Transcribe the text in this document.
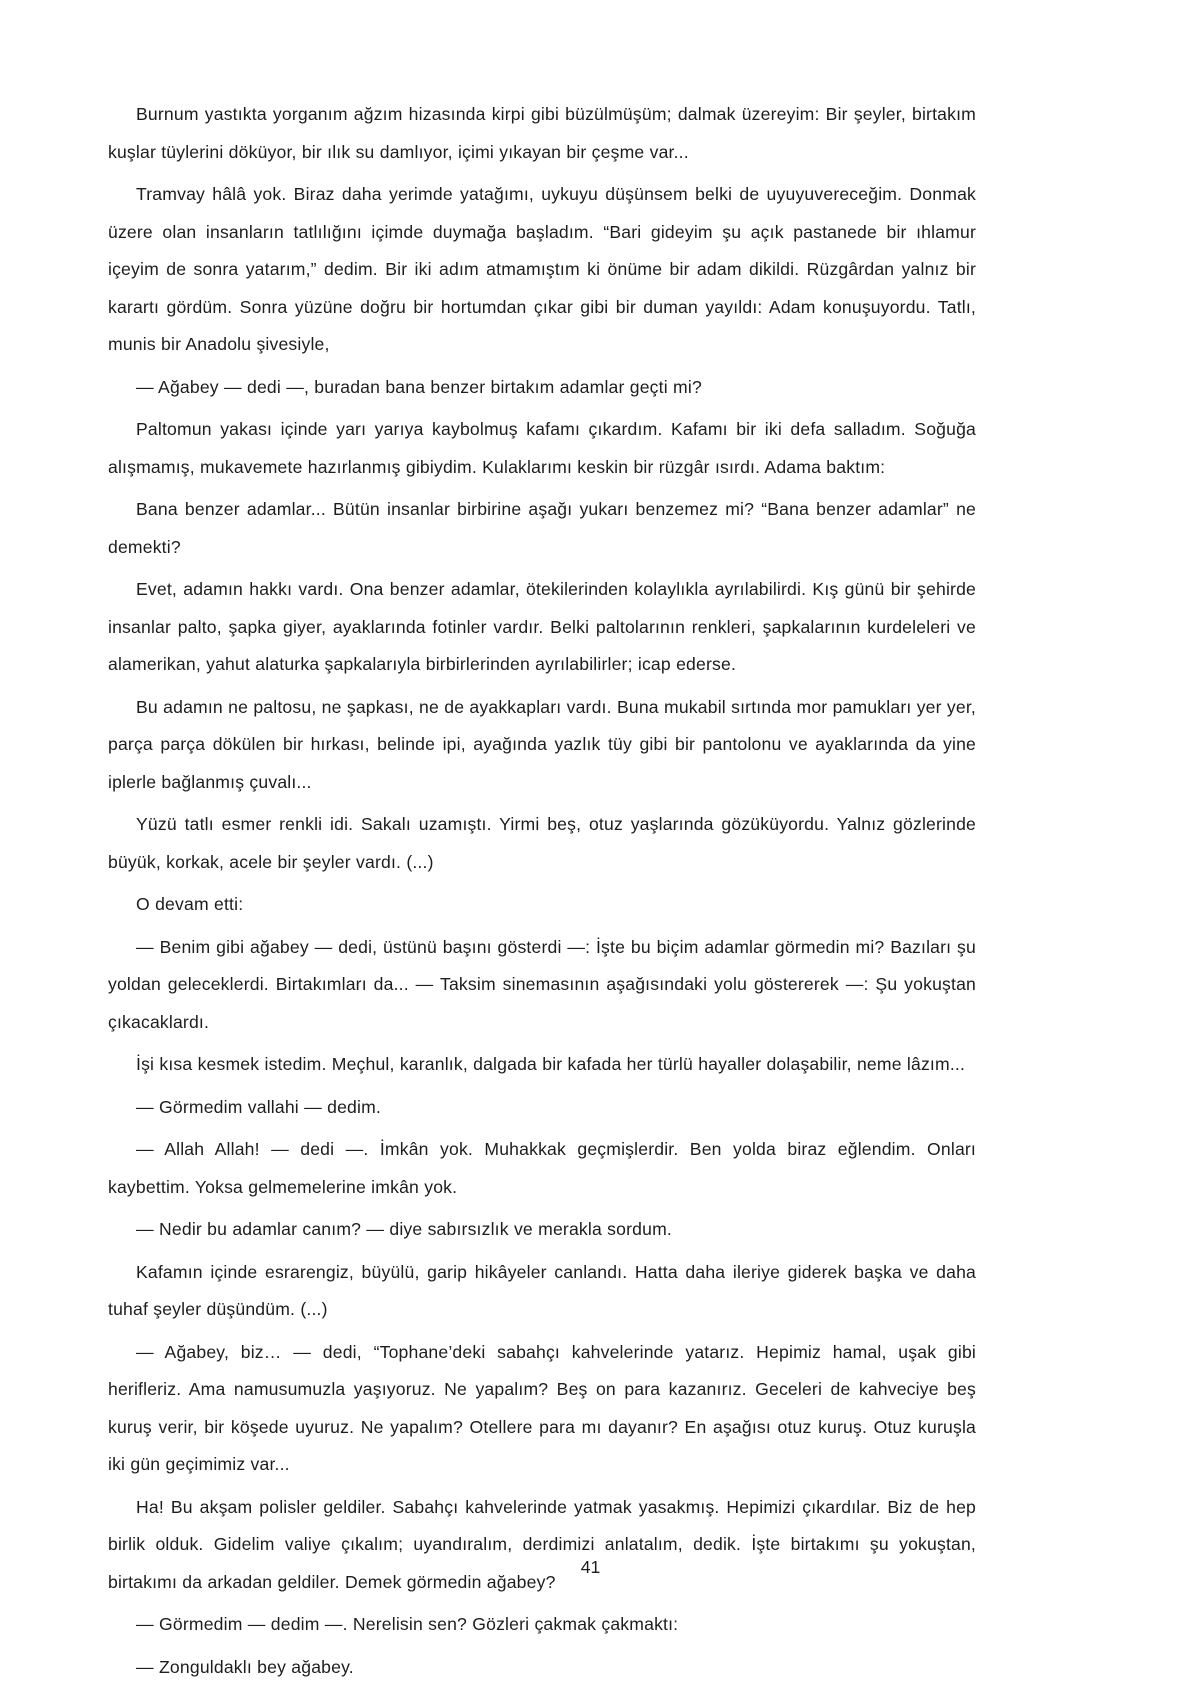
Burnum yastıkta yorganım ağzım hizasında kirpi gibi büzülmüşüm; dalmak üzereyim: Bir şeyler, birtakım kuşlar tüylerini döküyor, bir ılık su damlıyor, içimi yıkayan bir çeşme var...

Tramvay hâlâ yok. Biraz daha yerimde yatağımı, uykuyu düşünsem belki de uyuyuvereceğim. Donmak üzere olan insanların tatlılığını içimde duymağa başladım. “Bari gideyim şu açık pastanede bir ıhlamur içeyim de sonra yatarım,” dedim. Bir iki adım atmamıştım ki önüme bir adam dikildi. Rüzgârdan yalnız bir karartı gördüm. Sonra yüzüne doğru bir hortumdan çıkar gibi bir duman yayıldı: Adam konuşuyordu. Tatlı, munis bir Anadolu şivesiyle,

— Ağabey — dedi —, buradan bana benzer birtakım adamlar geçti mi?

Paltomun yakası içinde yarı yarıya kaybolmuş kafamı çıkardım. Kafamı bir iki defa salladım. Soğuğa alışmamış, mukavemete hazırlanmış gibiydim. Kulaklarımı keskin bir rüzgâr ısırdı. Adama baktım:

Bana benzer adamlar... Bütün insanlar birbirine aşağı yukarı benzemez mi? “Bana benzer adamlar” ne demekti?

Evet, adamın hakkı vardı. Ona benzer adamlar, ötekilerinden kolaylıkla ayrılabilirdi. Kış günü bir şehirde insanlar palto, şapka giyer, ayaklarında fotinler vardır. Belki paltolarının renkleri, şapkalarının kurdeleleri ve alamerikan, yahut alaturka şapkalarıyla birbirlerinden ayrılabilirler; icap ederse.

Bu adamın ne paltosu, ne şapkası, ne de ayakkapları vardı. Buna mukabil sırtında mor pamukları yer yer, parça parça dökülen bir hırkası, belinde ipi, ayağında yazlık tüy gibi bir pantolonu ve ayaklarında da yine iplerle bağlanmış çuvalı...

Yüzü tatlı esmer renkli idi. Sakalı uzamıştı. Yirmi beş, otuz yaşlarında gözüküyordu. Yalnız gözlerinde büyük, korkak, acele bir şeyler vardı. (...)

O devam etti:

— Benim gibi ağabey — dedi, üstünü başını gösterdi —: İşte bu biçim adamlar görmedin mi? Bazıları şu yoldan geleceklerdi. Birtakımları da... — Taksim sinemasının aşağısındaki yolu göstererek —: Şu yokuştan çıkacaklardı.

İşi kısa kesmek istedim. Meçhul, karanlık, dalgada bir kafada her türlü hayaller dolaşabilir, neme lâzım...

— Görmedim vallahi — dedim.

— Allah Allah! — dedi —. İmkân yok. Muhakkak geçmişlerdir. Ben yolda biraz eğlendim. Onları kaybettim. Yoksa gelmemelerine imkân yok.

— Nedir bu adamlar canım? — diye sabırsızlık ve merakla sordum.

Kafamın içinde esrarengiz, büyülü, garip hikâyeler canlandı. Hatta daha ileriye giderek başka ve daha tuhaf şeyler düşündüm. (...)

— Ağabey, biz… — dedi, “Tophane’deki sabahçı kahvelerinde yatarız. Hepimiz hamal, uşak gibi herifleriz. Ama namusumuzla yaşıyoruz. Ne yapalım? Beş on para kazanırız. Geceleri de kahveciye beş kuruş verir, bir köşede uyuruz. Ne yapalım? Otellere para mı dayanır? En aşağısı otuz kuruş. Otuz kuruşla iki gün geçimimiz var...

Ha! Bu akşam polisler geldiler. Sabahçı kahvelerinde yatmak yasakmış. Hepimizi çıkardılar. Biz de hep birlik olduk. Gidelim valiye çıkalım; uyandıralım, derdimizi anlatalım, dedik. İşte birtakımı şu yokuştan, birtakımı da arkadan geldiler. Demek görmedin ağabey?

— Görmedim — dedim —. Nerelisin sen? Gözleri çakmak çakmaktı:

— Zonguldaklı bey ağabey.

41
